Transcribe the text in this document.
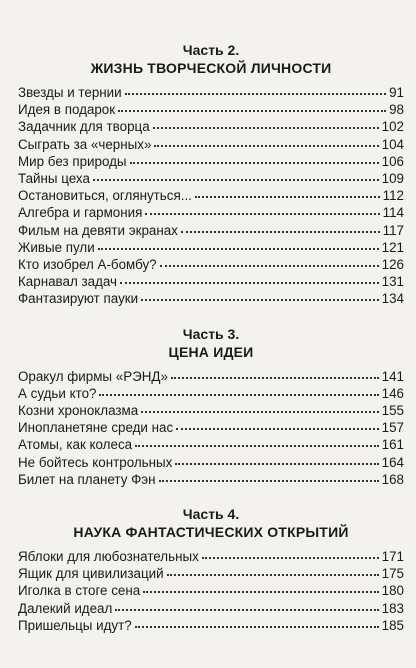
Часть 2.
ЖИЗНЬ ТВОРЧЕСКОЙ ЛИЧНОСТИ
Звезды и тернии	91
Идея в подарок	98
Задачник для творца	102
Сыграть за «черных»	104
Мир без природы	106
Тайны цеха	109
Остановиться, оглянуться...	112
Алгебра и гармония	114
Фильм на девяти экранах	117
Живые пули	121
Кто изобрел А-бомбу?	126
Карнавал задач	131
Фантазируют пауки	134
Часть 3.
ЦЕНА ИДЕИ
Оракул фирмы «РЭНД»	141
А судьи кто?	146
Козни хроноклазма	155
Инопланетяне среди нас	157
Атомы, как колеса	161
Не бойтесь контрольных	164
Билет на планету Фэн	168
Часть 4.
НАУКА ФАНТАСТИЧЕСКИХ ОТКРЫТИЙ
Яблоки для любознательных	171
Ящик для цивилизаций	175
Иголка в стоге сена	180
Далекий идеал	183
Пришельцы идут?	185
